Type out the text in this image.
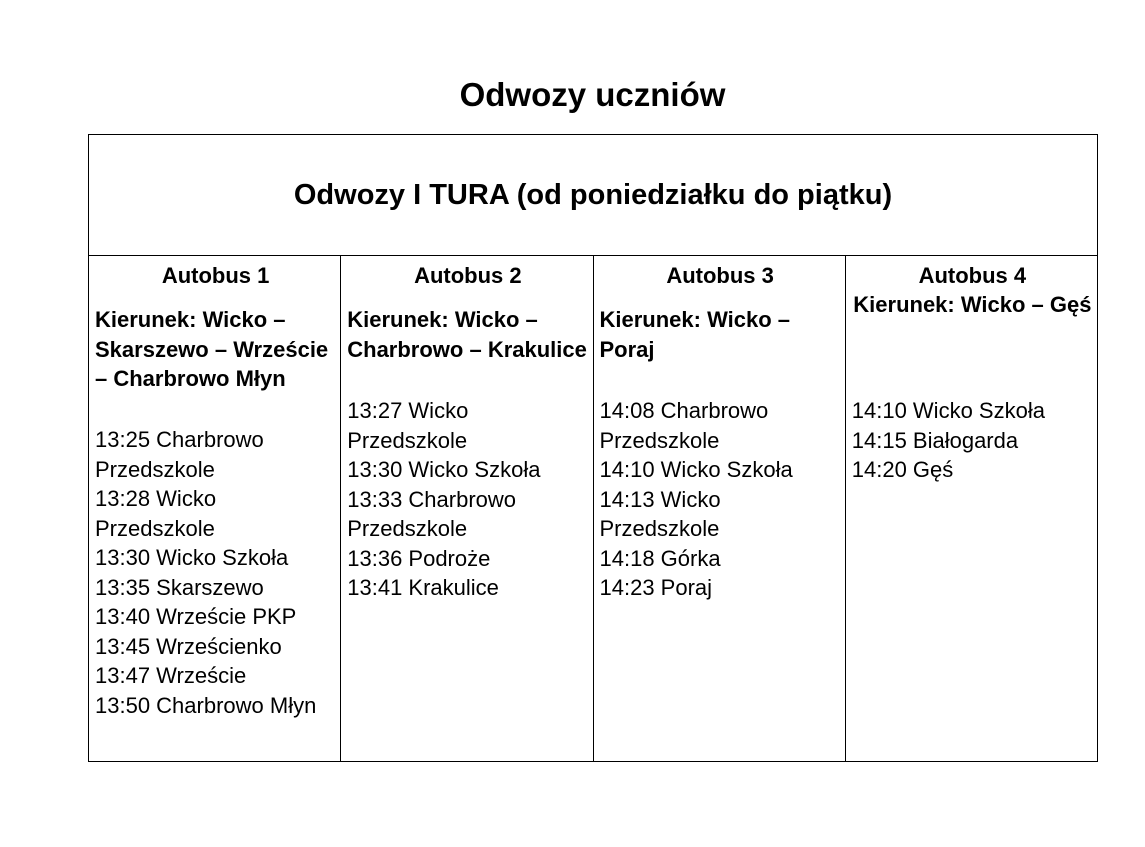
Odwozy uczniów
Odwozy I TURA (od poniedziałku do piątku)

Autobus 1

Kierunek: Wicko – Skarszewo – Wrzeście – Charbrowo Młyn

13:25 Charbrowo Przedszkole
13:28 Wicko Przedszkole
13:30 Wicko Szkoła
13:35 Skarszewo
13:40 Wrzeście PKP
13:45 Wrześcienko
13:47 Wrzeście
13:50 Charbrowo Młyn

Autobus 2

Kierunek: Wicko – Charbrowo – Krakulice

13:27 Wicko Przedszkole
13:30 Wicko Szkoła
13:33 Charbrowo Przedszkole
13:36 Podroże
13:41 Krakulice

Autobus 3

Kierunek: Wicko – Poraj

14:08 Charbrowo Przedszkole
14:10 Wicko Szkoła
14:13 Wicko Przedszkole
14:18 Górka
14:23 Poraj

Autobus 4

Kierunek: Wicko – Gęś

14:10 Wicko Szkoła
14:15 Białogarda
14:20 Gęś
